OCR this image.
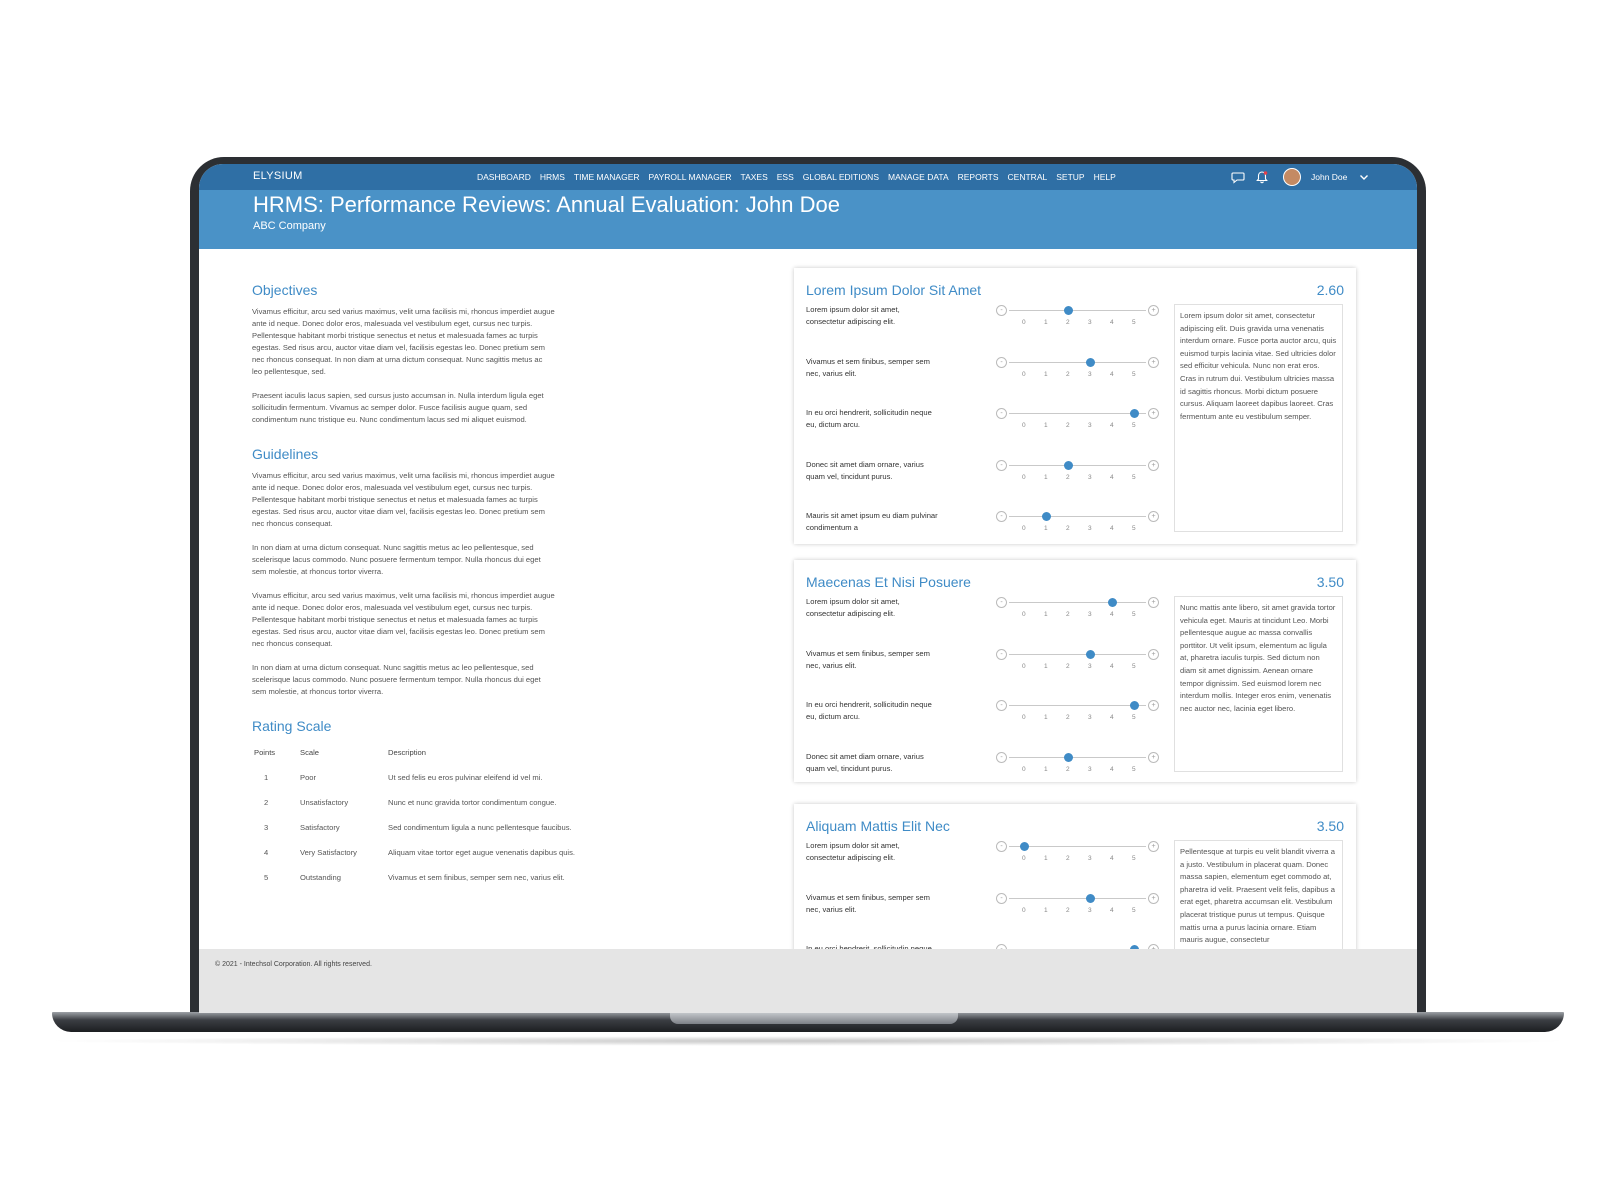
ELYSIUM	DASHBOARD HRMS TIME MANAGER PAYROLL MANAGER TAXES ESS GLOBAL EDITIONS MANAGE DATA REPORTS CENTRAL SETUP HELP	John Doe
HRMS: Performance Reviews: Annual Evaluation: John Doe
ABC Company
Objectives
Vivamus efficitur, arcu sed varius maximus, velit urna facilisis mi, rhoncus imperdiet augue
ante id neque. Donec dolor eros, malesuada vel vestibulum eget, cursus nec turpis.
Pellentesque habitant morbi tristique senectus et netus et malesuada fames ac turpis
egestas. Sed risus arcu, auctor vitae diam vel, facilisis egestas leo. Donec pretium sem
nec rhoncus consequat. In non diam at urna dictum consequat. Nunc sagittis metus ac
leo pellentesque, sed.
Praesent iaculis lacus sapien, sed cursus justo accumsan in. Nulla interdum ligula eget
sollicitudin fermentum. Vivamus ac semper dolor. Fusce facilisis augue quam, sed
condimentum nunc tristique eu. Nunc condimentum lacus sed mi aliquet euismod.
Guidelines
Vivamus efficitur, arcu sed varius maximus, velit urna facilisis mi, rhoncus imperdiet augue
ante id neque. Donec dolor eros, malesuada vel vestibulum eget, cursus nec turpis.
Pellentesque habitant morbi tristique senectus et netus et malesuada fames ac turpis
egestas. Sed risus arcu, auctor vitae diam vel, facilisis egestas leo. Donec pretium sem
nec rhoncus consequat.
In non diam at urna dictum consequat. Nunc sagittis metus ac leo pellentesque, sed
scelerisque lacus commodo. Nunc posuere fermentum tempor. Nulla rhoncus dui eget
sem molestie, at rhoncus tortor viverra.
Vivamus efficitur, arcu sed varius maximus, velit urna facilisis mi, rhoncus imperdiet augue
ante id neque. Donec dolor eros, malesuada vel vestibulum eget, cursus nec turpis.
Pellentesque habitant morbi tristique senectus et netus et malesuada fames ac turpis
egestas. Sed risus arcu, auctor vitae diam vel, facilisis egestas leo. Donec pretium sem
nec rhoncus consequat.
In non diam at urna dictum consequat. Nunc sagittis metus ac leo pellentesque, sed
scelerisque lacus commodo. Nunc posuere fermentum tempor. Nulla rhoncus dui eget
sem molestie, at rhoncus tortor viverra.
Rating Scale
Points	Scale	Description
1	Poor	Ut sed felis eu eros pulvinar eleifend id vel mi.
2	Unsatisfactory	Nunc et nunc gravida tortor condimentum congue.
3	Satisfactory	Sed condimentum ligula a nunc pellentesque faucibus.
4	Very Satisfactory	Aliquam vitae tortor eget augue venenatis dapibus quis.
5	Outstanding	Vivamus et sem finibus, semper sem nec, varius elit.
Lorem Ipsum Dolor Sit Amet	2.60
Lorem ipsum dolor sit amet,
consectetur adipiscing elit.
-	+
0	1	2	3	4	5
Vivamus et sem finibus, semper sem
nec, varius elit.
-	+
0	1	2	3	4	5
In eu orci hendrerit, sollicitudin neque
eu, dictum arcu.
-	+
0	1	2	3	4	5
Donec sit amet diam ornare, varius
quam vel, tincidunt purus.
-	+
0	1	2	3	4	5
Mauris sit amet ipsum eu diam pulvinar
condimentum a
-	+
0	1	2	3	4	5
Lorem ipsum dolor sit amet, consectetur adipiscing elit. Duis gravida urna venenatis interdum ornare. Fusce porta auctor arcu, quis euismod turpis lacinia vitae. Sed ultricies dolor sed efficitur vehicula. Nunc non erat eros. Cras in rutrum dui. Vestibulum ultricies massa id sagittis rhoncus. Morbi dictum posuere cursus. Aliquam laoreet dapibus laoreet. Cras fermentum ante eu vestibulum semper.
Maecenas Et Nisi Posuere	3.50
Lorem ipsum dolor sit amet,
consectetur adipiscing elit.
-	+
0	1	2	3	4	5
Vivamus et sem finibus, semper sem
nec, varius elit.
-	+
0	1	2	3	4	5
In eu orci hendrerit, sollicitudin neque
eu, dictum arcu.
-	+
0	1	2	3	4	5
Donec sit amet diam ornare, varius
quam vel, tincidunt purus.
-	+
0	1	2	3	4	5
Nunc mattis ante libero, sit amet gravida tortor vehicula eget. Mauris at tincidunt Leo. Morbi pellentesque augue ac massa convallis porttitor. Ut velit ipsum, elementum ac ligula at, pharetra iaculis turpis. Sed dictum non diam sit amet dignissim. Aenean ornare tempor dignissim. Sed euismod lorem nec interdum mollis. Integer eros enim, venenatis nec auctor nec, lacinia eget libero.
Aliquam Mattis Elit Nec	3.50
Lorem ipsum dolor sit amet,
consectetur adipiscing elit.
-	+
0	1	2	3	4	5
Vivamus et sem finibus, semper sem
nec, varius elit.
-	+
0	1	2	3	4	5
Pellentesque at turpis eu velit blandit viverra a a justo. Vestibulum in placerat quam. Donec massa sapien, elementum eget commodo at, pharetra id velit. Praesent velit felis, dapibus a erat eget, pharetra accumsan elit. Vestibulum placerat tristique purus ut tempus. Quisque mattis urna a purus lacinia ornare. Etiam mauris augue, consectetur
© 2021 - Intechsol Corporation. All rights reserved.
